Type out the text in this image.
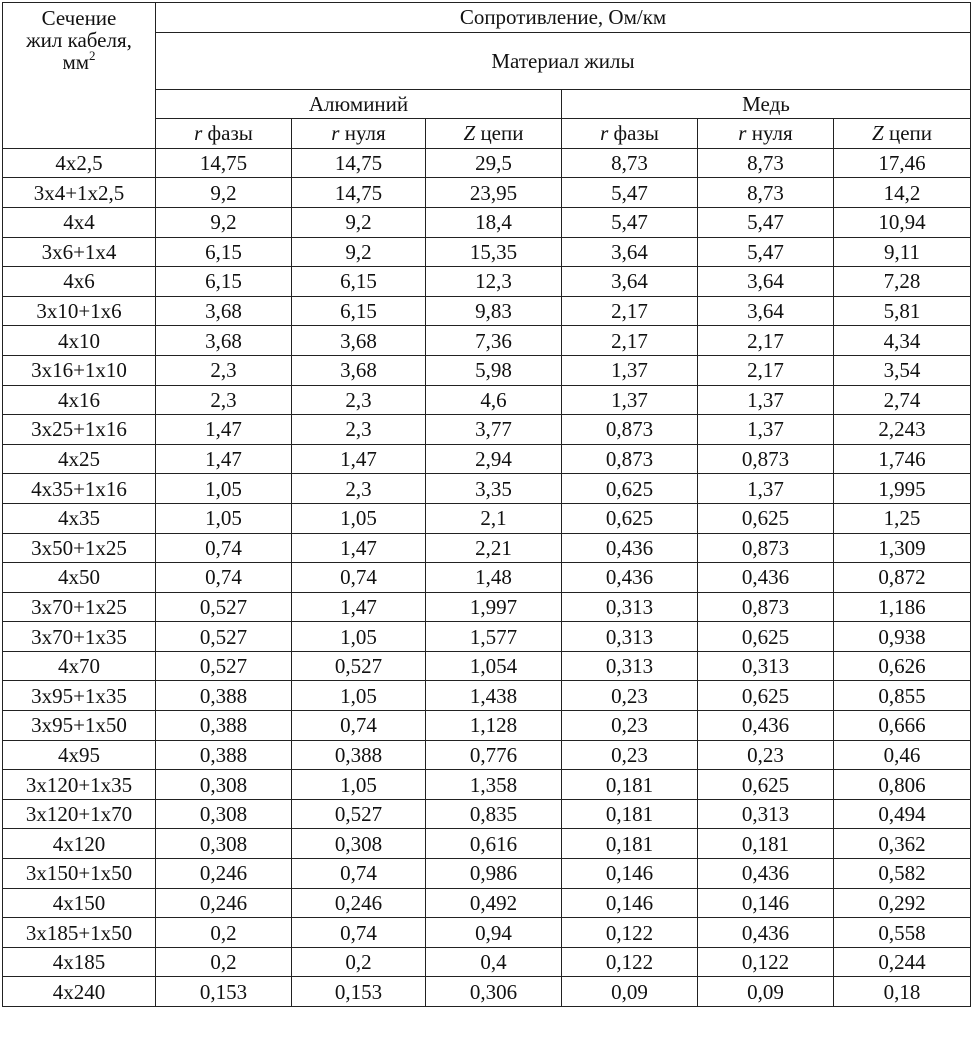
Сечение
жил кабеля,
$мм^2$	Сопротивление, Ом/км					
	Материал жилы					
	Алюминий			Медь		
	r фазы	r нуля	Z цепи	r фазы	r нуля	Z цепи
4х2,5	14,75	14,75	29,5	8,73	8,73	17,46
3х4+1х2,5	9,2	14,75	23,95	5,47	8,73	14,2
4х4	9,2	9,2	18,4	5,47	5,47	10,94
3х6+1х4	6,15	9,2	15,35	3,64	5,47	9,11
4х6	6,15	6,15	12,3	3,64	3,64	7,28
3х10+1х6	3,68	6,15	9,83	2,17	3,64	5,81
4х10	3,68	3,68	7,36	2,17	2,17	4,34
3х16+1х10	2,3	3,68	5,98	1,37	2,17	3,54
4х16	2,3	2,3	4,6	1,37	1,37	2,74
3х25+1х16	1,47	2,3	3,77	0,873	1,37	2,243
4х25	1,47	1,47	2,94	0,873	0,873	1,746
4х35+1х16	1,05	2,3	3,35	0,625	1,37	1,995
4х35	1,05	1,05	2,1	0,625	0,625	1,25
3х50+1х25	0,74	1,47	2,21	0,436	0,873	1,309
4х50	0,74	0,74	1,48	0,436	0,436	0,872
3х70+1х25	0,527	1,47	1,997	0,313	0,873	1,186
3х70+1х35	0,527	1,05	1,577	0,313	0,625	0,938
4х70	0,527	0,527	1,054	0,313	0,313	0,626
3х95+1х35	0,388	1,05	1,438	0,23	0,625	0,855
3х95+1х50	0,388	0,74	1,128	0,23	0,436	0,666
4х95	0,388	0,388	0,776	0,23	0,23	0,46
3х120+1х35	0,308	1,05	1,358	0,181	0,625	0,806
3х120+1х70	0,308	0,527	0,835	0,181	0,313	0,494
4х120	0,308	0,308	0,616	0,181	0,181	0,362
3х150+1х50	0,246	0,74	0,986	0,146	0,436	0,582
4х150	0,246	0,246	0,492	0,146	0,146	0,292
3х185+1х50	0,2	0,74	0,94	0,122	0,436	0,558
4х185	0,2	0,2	0,4	0,122	0,122	0,244
4х240	0,153	0,153	0,306	0,09	0,09	0,18
